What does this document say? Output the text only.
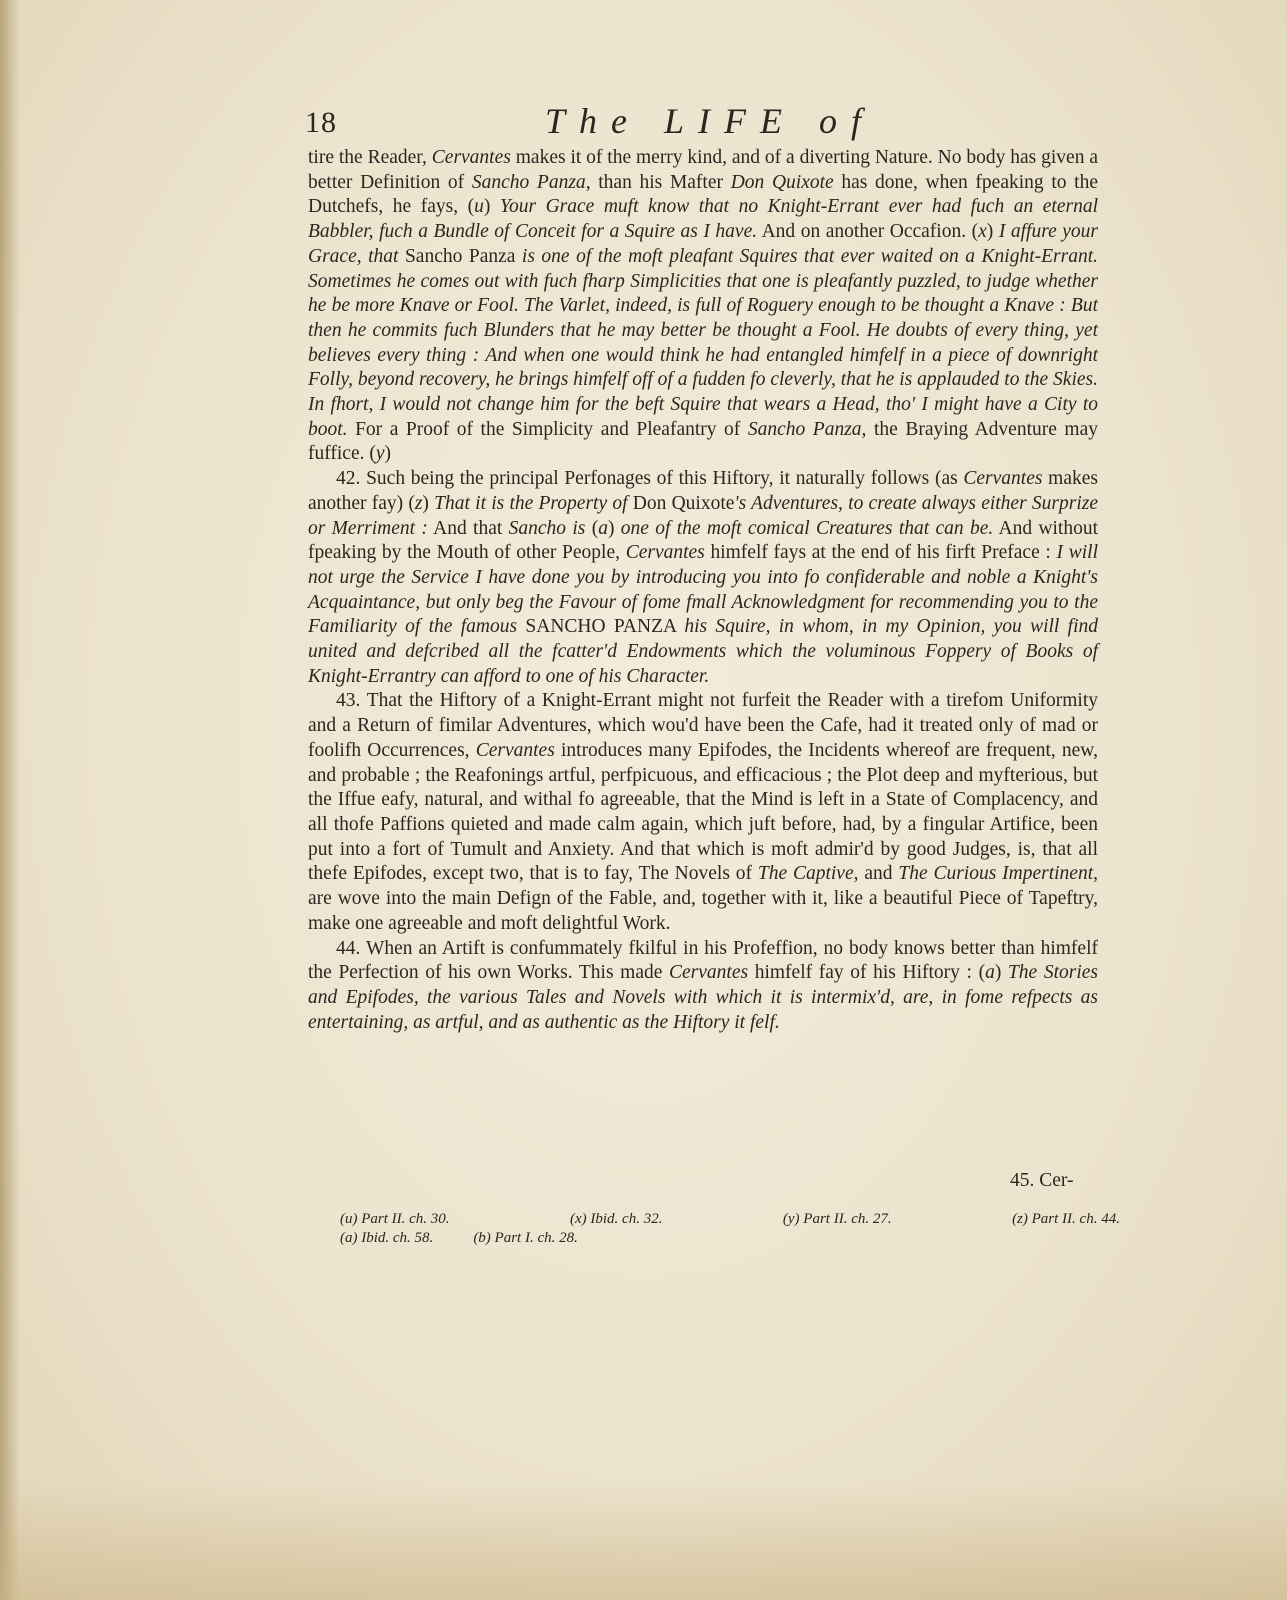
18	The LIFE of

tire the Reader, Cervantes makes it of the merry kind, and of a diverting Nature. No body has given a better Definition of Sancho Panza, than his Mafter Don Quixote has done, when fpeaking to the Dutchefs, he fays, (u) Your Grace muft know that no Knight-Errant ever had fuch an eternal Babbler, fuch a Bundle of Conceit for a Squire as I have. And on another Occafion. (x) I affure your Grace, that Sancho Panza is one of the moft pleafant Squires that ever waited on a Knight-Errant. Sometimes he comes out with fuch fharp Simplicities that one is pleafantly puzzled, to judge whether he be more Knave or Fool. The Varlet, indeed, is full of Roguery enough to be thought a Knave : But then he commits fuch Blunders that he may better be thought a Fool. He doubts of every thing, yet believes every thing : And when one would think he had entangled himfelf in a piece of downright Folly, beyond recovery, he brings himfelf off of a fudden fo cleverly, that he is applauded to the Skies. In fhort, I would not change him for the beft Squire that wears a Head, tho' I might have a City to boot. For a Proof of the Simplicity and Pleafantry of Sancho Panza, the Braying Adventure may fuffice. (y)

42. Such being the principal Perfonages of this Hiftory, it naturally follows (as Cervantes makes another fay) (z) That it is the Property of Don Quixote's Adventures, to create always either Surprize or Merriment : And that Sancho is (a) one of the moft comical Creatures that can be. And without fpeaking by the Mouth of other People, Cervantes himfelf fays at the end of his firft Preface : I will not urge the Service I have done you by introducing you into fo confiderable and noble a Knight's Acquaintance, but only beg the Favour of fome fmall Acknowledgment for recommending you to the Familiarity of the famous SANCHO PANZA his Squire, in whom, in my Opinion, you will find united and defcribed all the fcatter'd Endowments which the voluminous Foppery of Books of Knight-Errantry can afford to one of his Character.

43. That the Hiftory of a Knight-Errant might not furfeit the Reader with a tirefom Uniformity and a Return of fimilar Adventures, which wou'd have been the Cafe, had it treated only of mad or foolifh Occurrences, Cervantes introduces many Epifodes, the Incidents whereof are frequent, new, and probable ; the Reafonings artful, perfpicuous, and efficacious ; the Plot deep and myfterious, but the Iffue eafy, natural, and withal fo agreeable, that the Mind is left in a State of Complacency, and all thofe Paffions quieted and made calm again, which juft before, had, by a fingular Artifice, been put into a fort of Tumult and Anxiety. And that which is moft admir'd by good Judges, is, that all thefe Epifodes, except two, that is to fay, The Novels of The Captive, and The Curious Impertinent, are wove into the main Defign of the Fable, and, together with it, like a beautiful Piece of Tapeftry, make one agreeable and moft delightful Work.

44. When an Artift is confummately fkilful in his Profeffion, no body knows better than himfelf the Perfection of his own Works. This made Cervantes himfelf fay of his Hiftory : (a) The Stories and Epifodes, the various Tales and Novels with which it is intermix'd, are, in fome refpects as entertaining, as artful, and as authentic as the Hiftory it felf.

45. Cer-
(u) Part II. ch. 30.	(x) Ibid. ch. 32.	(y) Part II. ch. 27.	(z) Part II. ch. 44.
(a) Ibid. ch. 58.	(b) Part I. ch. 28.
